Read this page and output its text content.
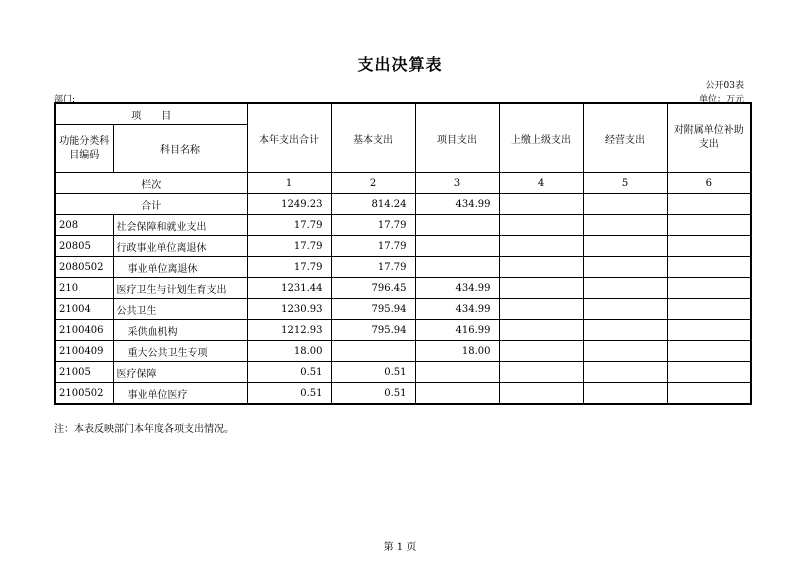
支出决算表
公开03表
部门:	单位：万元
项　　目		本年支出合计	基本支出	项目支出	上缴上级支出	经营支出	对附属单位补助支出
功能分类科目编码	科目名称						
栏次		1	2	3	4	5	6
合计		1249.23	814.24	434.99			
208	社会保障和就业支出	17.79	17.79				
20805	行政事业单位离退休	17.79	17.79				
2080502	事业单位离退休	17.79	17.79				
210	医疗卫生与计划生育支出	1231.44	796.45	434.99			
21004	公共卫生	1230.93	795.94	434.99			
2100406	采供血机构	1212.93	795.94	416.99			
2100409	重大公共卫生专项	18.00		18.00			
21005	医疗保障	0.51	0.51				
2100502	事业单位医疗	0.51	0.51				
注：本表反映部门本年度各项支出情况。
第 1 页
